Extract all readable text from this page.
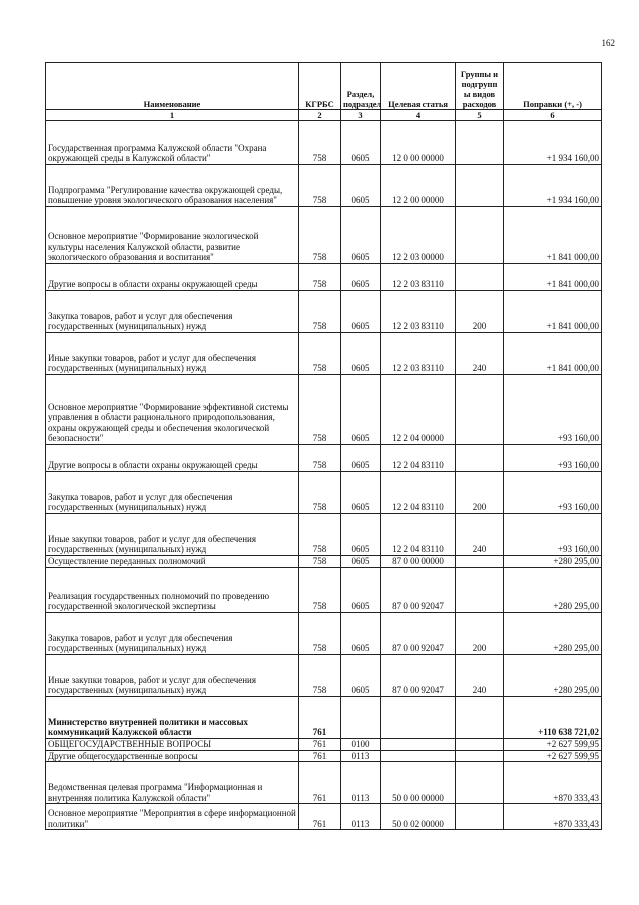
162
Наименование	КГРБС	Раздел, подраздел	Целевая статья	Группы и подгрупп ы видов расходов	Поправки (+, -)
1	2	3	4	5	6
Государственная программа Калужской области "Охрана окружающей среды в Калужской области"	758	0605	12 0 00 00000		+1 934 160,00
Подпрограмма "Регулирование качества окружающей среды, повышение уровня экологического образования населения"	758	0605	12 2 00 00000		+1 934 160,00
Основное мероприятие "Формирование экологической культуры населения Калужской области, развитие экологического образования и воспитания"	758	0605	12 2 03 00000		+1 841 000,00
Другие вопросы в области охраны окружающей среды	758	0605	12 2 03 83110		+1 841 000,00
Закупка товаров, работ и услуг для обеспечения государственных (муниципальных) нужд	758	0605	12 2 03 83110	200	+1 841 000,00
Иные закупки товаров, работ и услуг для обеспечения государственных (муниципальных) нужд	758	0605	12 2 03 83110	240	+1 841 000,00
Основное мероприятие "Формирование эффективной системы управления в области рационального природопользования, охраны окружающей среды и обеспечения экологической безопасности"	758	0605	12 2 04 00000		+93 160,00
Другие вопросы в области охраны окружающей среды	758	0605	12 2 04 83110		+93 160,00
Закупка товаров, работ и услуг для обеспечения государственных (муниципальных) нужд	758	0605	12 2 04 83110	200	+93 160,00
Иные закупки товаров, работ и услуг для обеспечения государственных (муниципальных) нужд	758	0605	12 2 04 83110	240	+93 160,00
Осуществление переданных полномочий	758	0605	87 0 00 00000		+280 295,00
Реализация государственных полномочий по проведению государственной экологической экспертизы	758	0605	87 0 00 92047		+280 295,00
Закупка товаров, работ и услуг для обеспечения государственных (муниципальных) нужд	758	0605	87 0 00 92047	200	+280 295,00
Иные закупки товаров, работ и услуг для обеспечения государственных (муниципальных) нужд	758	0605	87 0 00 92047	240	+280 295,00
Министерство внутренней политики и массовых коммуникаций Калужской области	761				+110 638 721,02
ОБЩЕГОСУДАРСТВЕННЫЕ ВОПРОСЫ	761	0100			+2 627 599,95
Другие общегосударственные вопросы	761	0113			+2 627 599,95
Ведомственная целевая программа "Информационная и внутренняя политика Калужской области"	761	0113	50 0 00 00000		+870 333,43
Основное мероприятие "Мероприятия в сфере информационной политики"	761	0113	50 0 02 00000		+870 333,43
